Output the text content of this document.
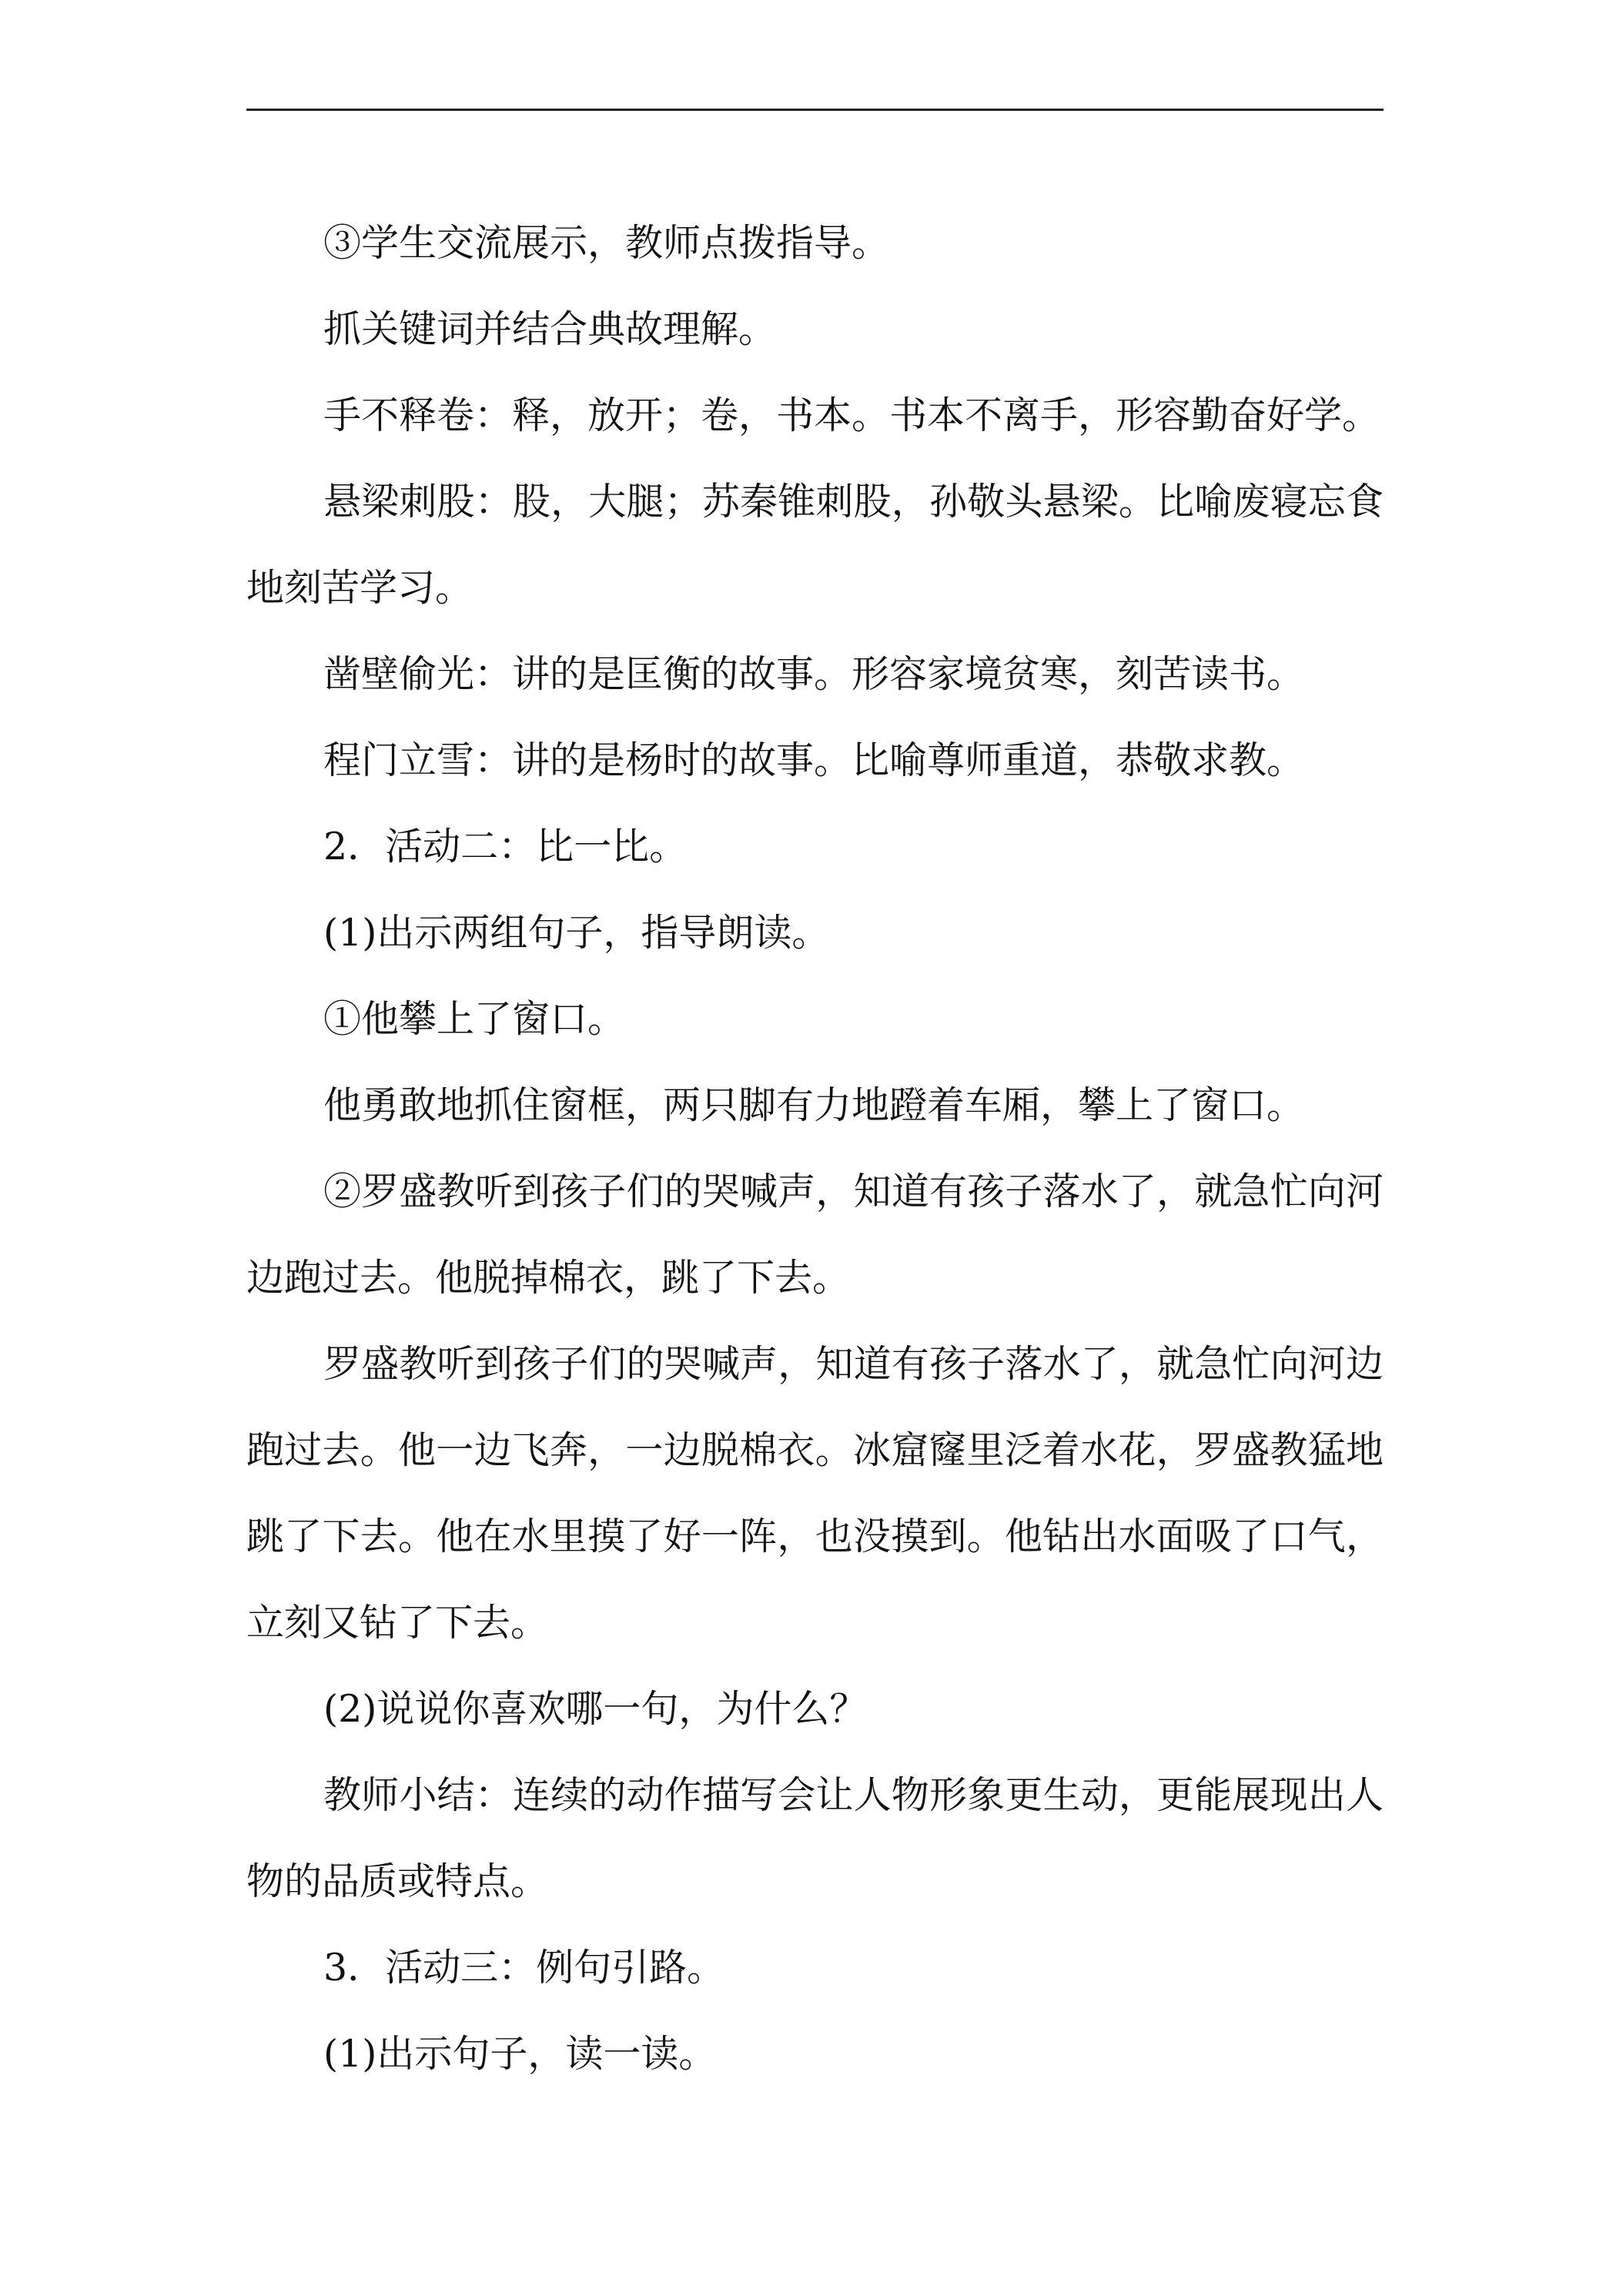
③学生交流展示，教师点拨指导。

抓关键词并结合典故理解。

手不释卷：释，放开；卷，书本。书本不离手，形容勤奋好学。

悬梁刺股：股，大腿；苏秦锥刺股，孙敬头悬梁。比喻废寝忘食地刻苦学习。

凿壁偷光：讲的是匡衡的故事。形容家境贫寒，刻苦读书。

程门立雪：讲的是杨时的故事。比喻尊师重道，恭敬求教。

2．活动二：比一比。

(1)出示两组句子，指导朗读。

①他攀上了窗口。

他勇敢地抓住窗框，两只脚有力地蹬着车厢，攀上了窗口。

②罗盛教听到孩子们的哭喊声，知道有孩子落水了，就急忙向河边跑过去。他脱掉棉衣，跳了下去。

罗盛教听到孩子们的哭喊声，知道有孩子落水了，就急忙向河边跑过去。他一边飞奔，一边脱棉衣。冰窟窿里泛着水花，罗盛教猛地跳了下去。他在水里摸了好一阵，也没摸到。他钻出水面吸了口气，立刻又钻了下去。

(2)说说你喜欢哪一句，为什么？

教师小结：连续的动作描写会让人物形象更生动，更能展现出人物的品质或特点。

3．活动三：例句引路。

(1)出示句子，读一读。
